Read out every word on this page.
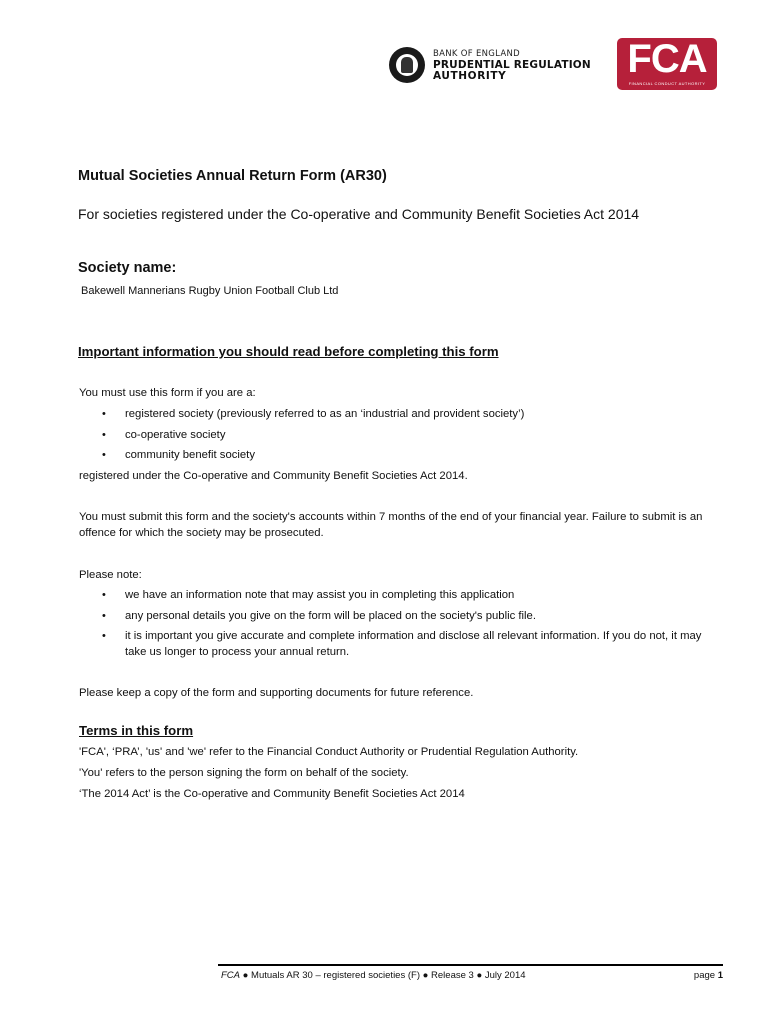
BANK OF ENGLAND
PRUDENTIAL REGULATION
AUTHORITY	FCA
FINANCIAL CONDUCT AUTHORITY
Mutual Societies Annual Return Form (AR30)
For societies registered under the Co-operative and Community Benefit Societies Act 2014
Society name:
Bakewell Mannerians Rugby Union Football Club Ltd
Important information you should read before completing this form
You must use this form if you are a:
• registered society (previously referred to as an ‘industrial and provident society’)
• co-operative society
• community benefit society
registered under the Co-operative and Community Benefit Societies Act 2014.
You must submit this form and the society's accounts within 7 months of the end of your financial year. Failure to submit is an offence for which the society may be prosecuted.
Please note:
• we have an information note that may assist you in completing this application
• any personal details you give on the form will be placed on the society's public file.
• it is important you give accurate and complete information and disclose all relevant information. If you do not, it may take us longer to process your annual return.
Please keep a copy of the form and supporting documents for future reference.
Terms in this form
'FCA', ‘PRA’, 'us' and 'we' refer to the Financial Conduct Authority or Prudential Regulation Authority.
'You' refers to the person signing the form on behalf of the society.
‘The 2014 Act’ is the Co-operative and Community Benefit Societies Act 2014
FCA ● Mutuals AR 30 – registered societies (F) ● Release 3 ● July 2014	page 1
